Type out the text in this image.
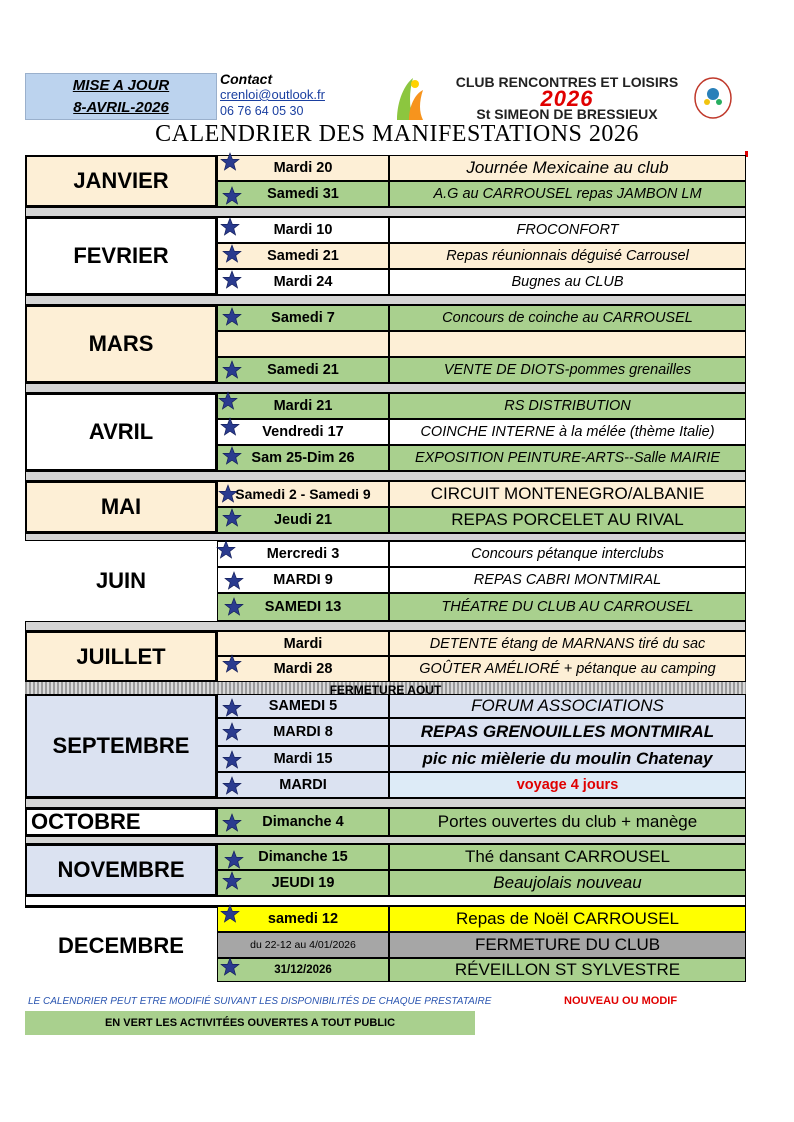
MISE A JOUR
8-AVRIL-2026
Contact
crenloi@outlook.fr
06 76 64 05 30
CLUB RENCONTRES ET LOISIRS
2026
St SIMEON DE BRESSIEUX
CALENDRIER DES MANIFESTATIONS 2026
JANVIER	Mardi 20	Journée Mexicaine au club
Samedi 31	A.G au CARROUSEL repas JAMBON LM
FEVRIER
Mardi 10	FROCONFORT
Samedi 21	Repas réunionnais déguisé Carrousel
Mardi 24	Bugnes au CLUB
MARS
Samedi 7	Concours de coinche au CARROUSEL
Samedi 21	VENTE DE DIOTS-pommes grenailles
AVRIL
Mardi 21	RS DISTRIBUTION
Vendredi 17	COINCHE INTERNE à la mélée (thème Italie)
Sam 25-Dim 26	EXPOSITION PEINTURE-ARTS--Salle MAIRIE
MAI	Samedi 2 - Samedi 9	CIRCUIT MONTENEGRO/ALBANIE
Jeudi 21	REPAS PORCELET AU RIVAL
JUIN
Mercredi 3	Concours pétanque interclubs
MARDI 9	REPAS CABRI MONTMIRAL
SAMEDI 13	THÉATRE DU CLUB AU CARROUSEL
JUILLET	Mardi	DETENTE étang de MARNANS tiré du sac
Mardi 28	GOÛTER AMÉLIORÉ + pétanque au camping
FERMETURE AOUT
SEPTEMBRE
SAMEDI 5	FORUM ASSOCIATIONS
MARDI 8	REPAS GRENOUILLES MONTMIRAL
Mardi 15	pic nic mièlerie du moulin Chatenay
MARDI	voyage 4 jours
OCTOBRE	Dimanche 4	Portes ouvertes du club + manège
NOVEMBRE	Dimanche 15	Thé dansant CARROUSEL
JEUDI 19	Beaujolais nouveau
DECEMBRE
samedi 12	Repas de Noël CARROUSEL
du 22-12 au 4/01/2026	FERMETURE DU CLUB
31/12/2026	RÉVEILLON ST SYLVESTRE
LE CALENDRIER PEUT ETRE MODIFIÉ SUIVANT LES DISPONIBILITÉS DE CHAQUE PRESTATAIRE	NOUVEAU OU MODIF
EN VERT LES ACTIVITÉES OUVERTES A TOUT PUBLIC
